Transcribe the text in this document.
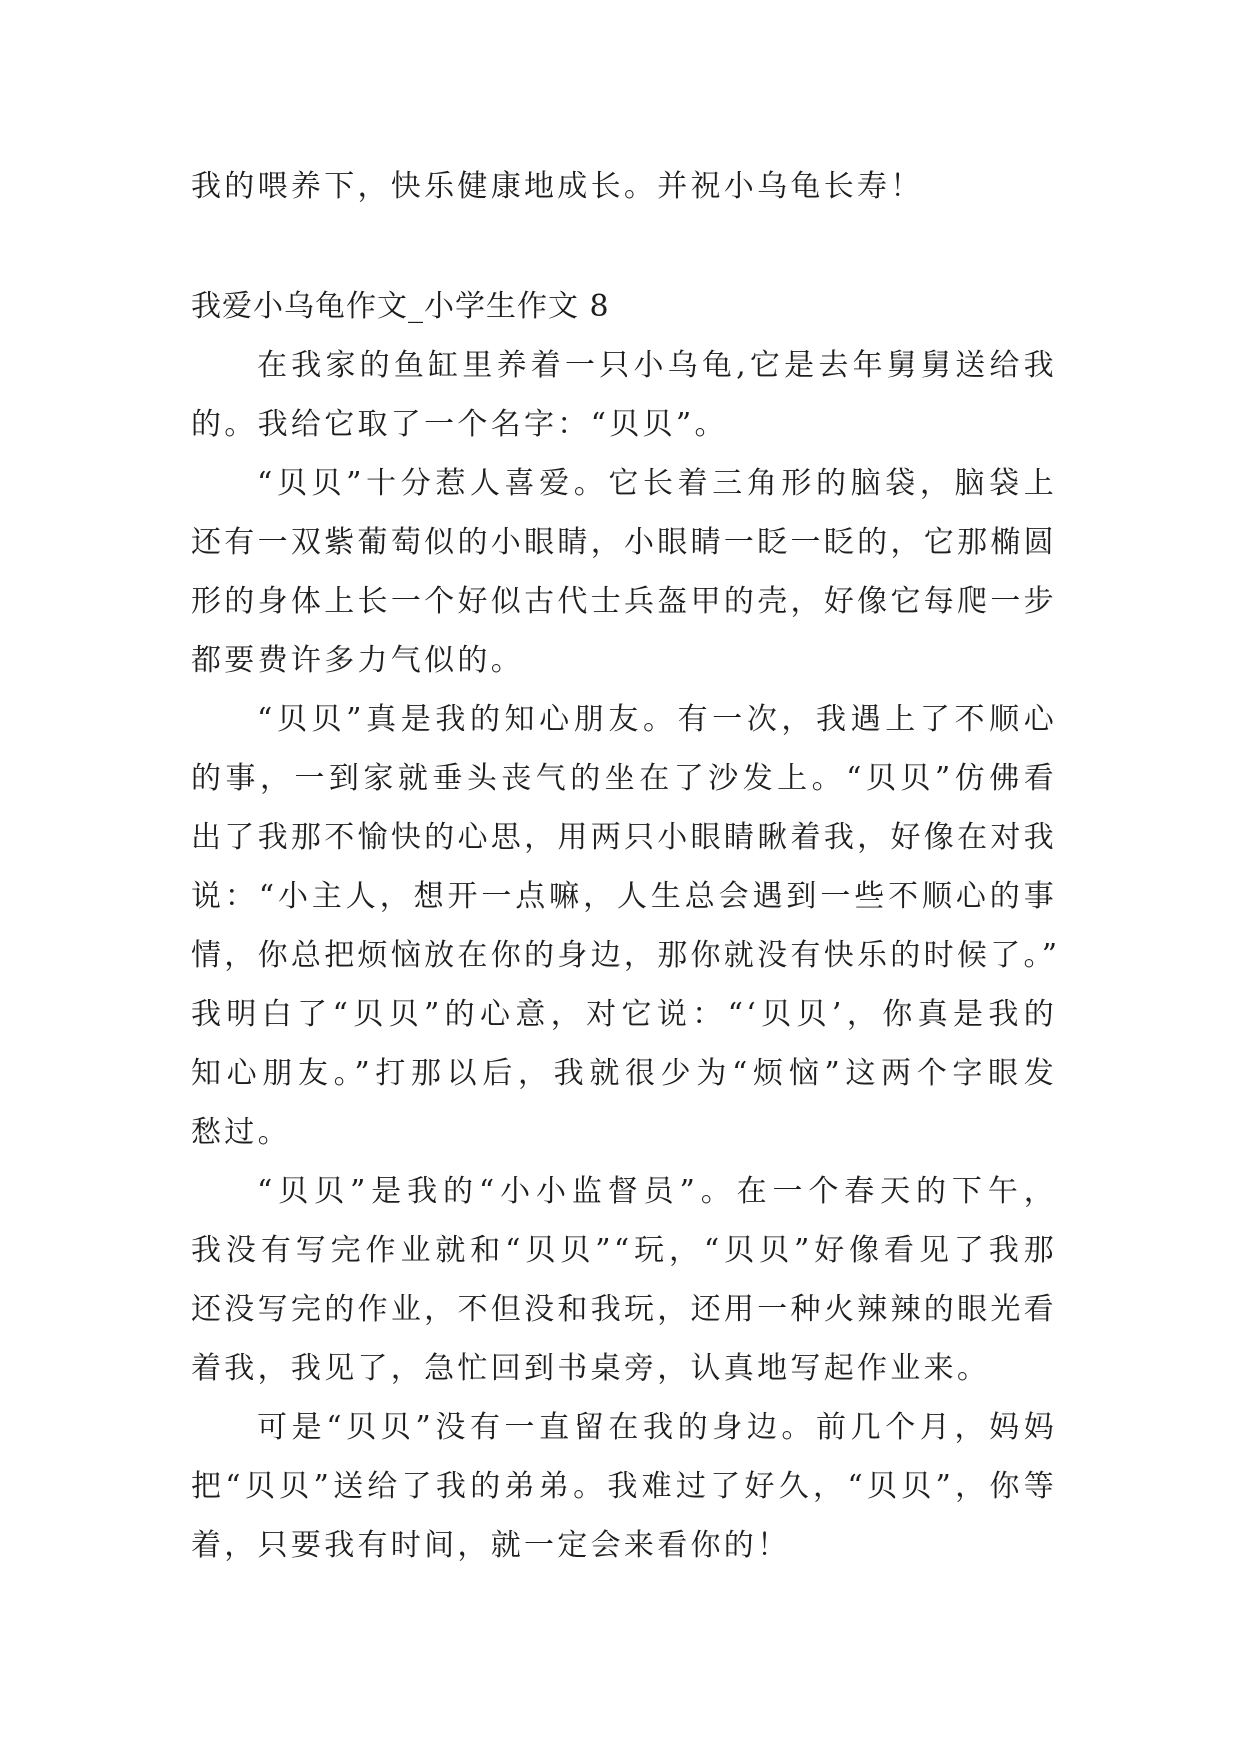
我的喂养下，快乐健康地成长。并祝小乌龟长寿！
我爱小乌龟作文_小学生作文 8
在我家的鱼缸里养着一只小乌龟,它是去年舅舅送给我
的。我给它取了一个名字：“贝贝”。
“贝贝”十分惹人喜爱。它长着三角形的脑袋，脑袋上
还有一双紫葡萄似的小眼睛，小眼睛一眨一眨的，它那椭圆
形的身体上长一个好似古代士兵盔甲的壳，好像它每爬一步
都要费许多力气似的。
“贝贝”真是我的知心朋友。有一次，我遇上了不顺心
的事，一到家就垂头丧气的坐在了沙发上。“贝贝”仿佛看
出了我那不愉快的心思，用两只小眼睛瞅着我，好像在对我
说：“小主人，想开一点嘛，人生总会遇到一些不顺心的事
情，你总把烦恼放在你的身边，那你就没有快乐的时候了。”
我明白了“贝贝”的心意，对它说：“‘贝贝’，你真是我的
知心朋友。”打那以后，我就很少为“烦恼”这两个字眼发
愁过。
“贝贝”是我的“小小监督员”。在一个春天的下午，
我没有写完作业就和“贝贝”“玩，“贝贝”好像看见了我那
还没写完的作业，不但没和我玩，还用一种火辣辣的眼光看
着我，我见了，急忙回到书桌旁，认真地写起作业来。
可是“贝贝”没有一直留在我的身边。前几个月，妈妈
把“贝贝”送给了我的弟弟。我难过了好久，“贝贝”，你等
着，只要我有时间，就一定会来看你的！
